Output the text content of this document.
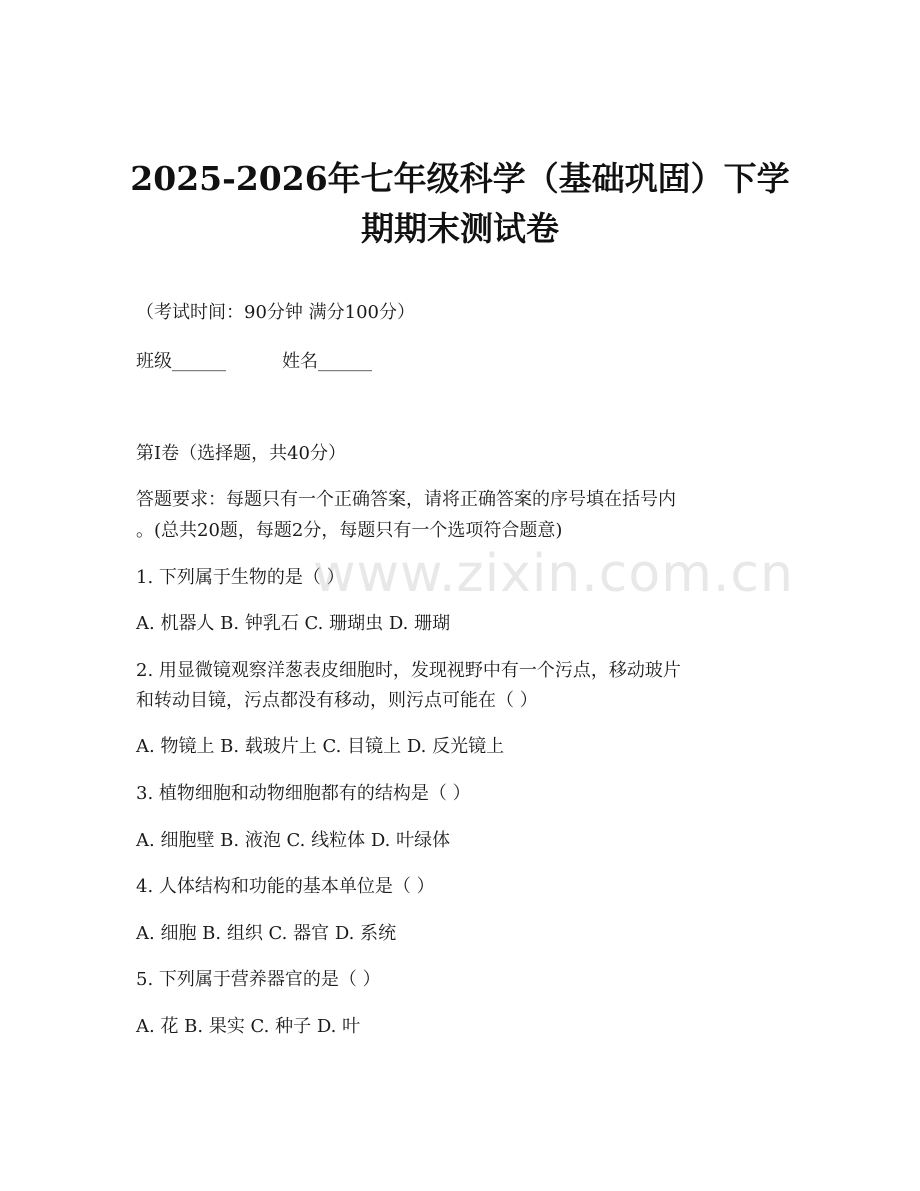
2025-2026年七年级科学（基础巩固）下学
期期末测试卷
（考试时间：90分钟 满分100分）
班级______	姓名______
第I卷（选择题，共40分）
答题要求：每题只有一个正确答案，请将正确答案的序号填在括号内
。(总共20题，每题2分，每题只有一个选项符合题意)
1. 下列属于生物的是（ ）
A. 机器人 B. 钟乳石 C. 珊瑚虫 D. 珊瑚
2. 用显微镜观察洋葱表皮细胞时，发现视野中有一个污点，移动玻片
和转动目镜，污点都没有移动，则污点可能在（ ）
A. 物镜上 B. 载玻片上 C. 目镜上 D. 反光镜上
3. 植物细胞和动物细胞都有的结构是（ ）
A. 细胞壁 B. 液泡 C. 线粒体 D. 叶绿体
4. 人体结构和功能的基本单位是（ ）
A. 细胞 B. 组织 C. 器官 D. 系统
5. 下列属于营养器官的是（ ）
A. 花 B. 果实 C. 种子 D. 叶
www.zixin.com.cn
